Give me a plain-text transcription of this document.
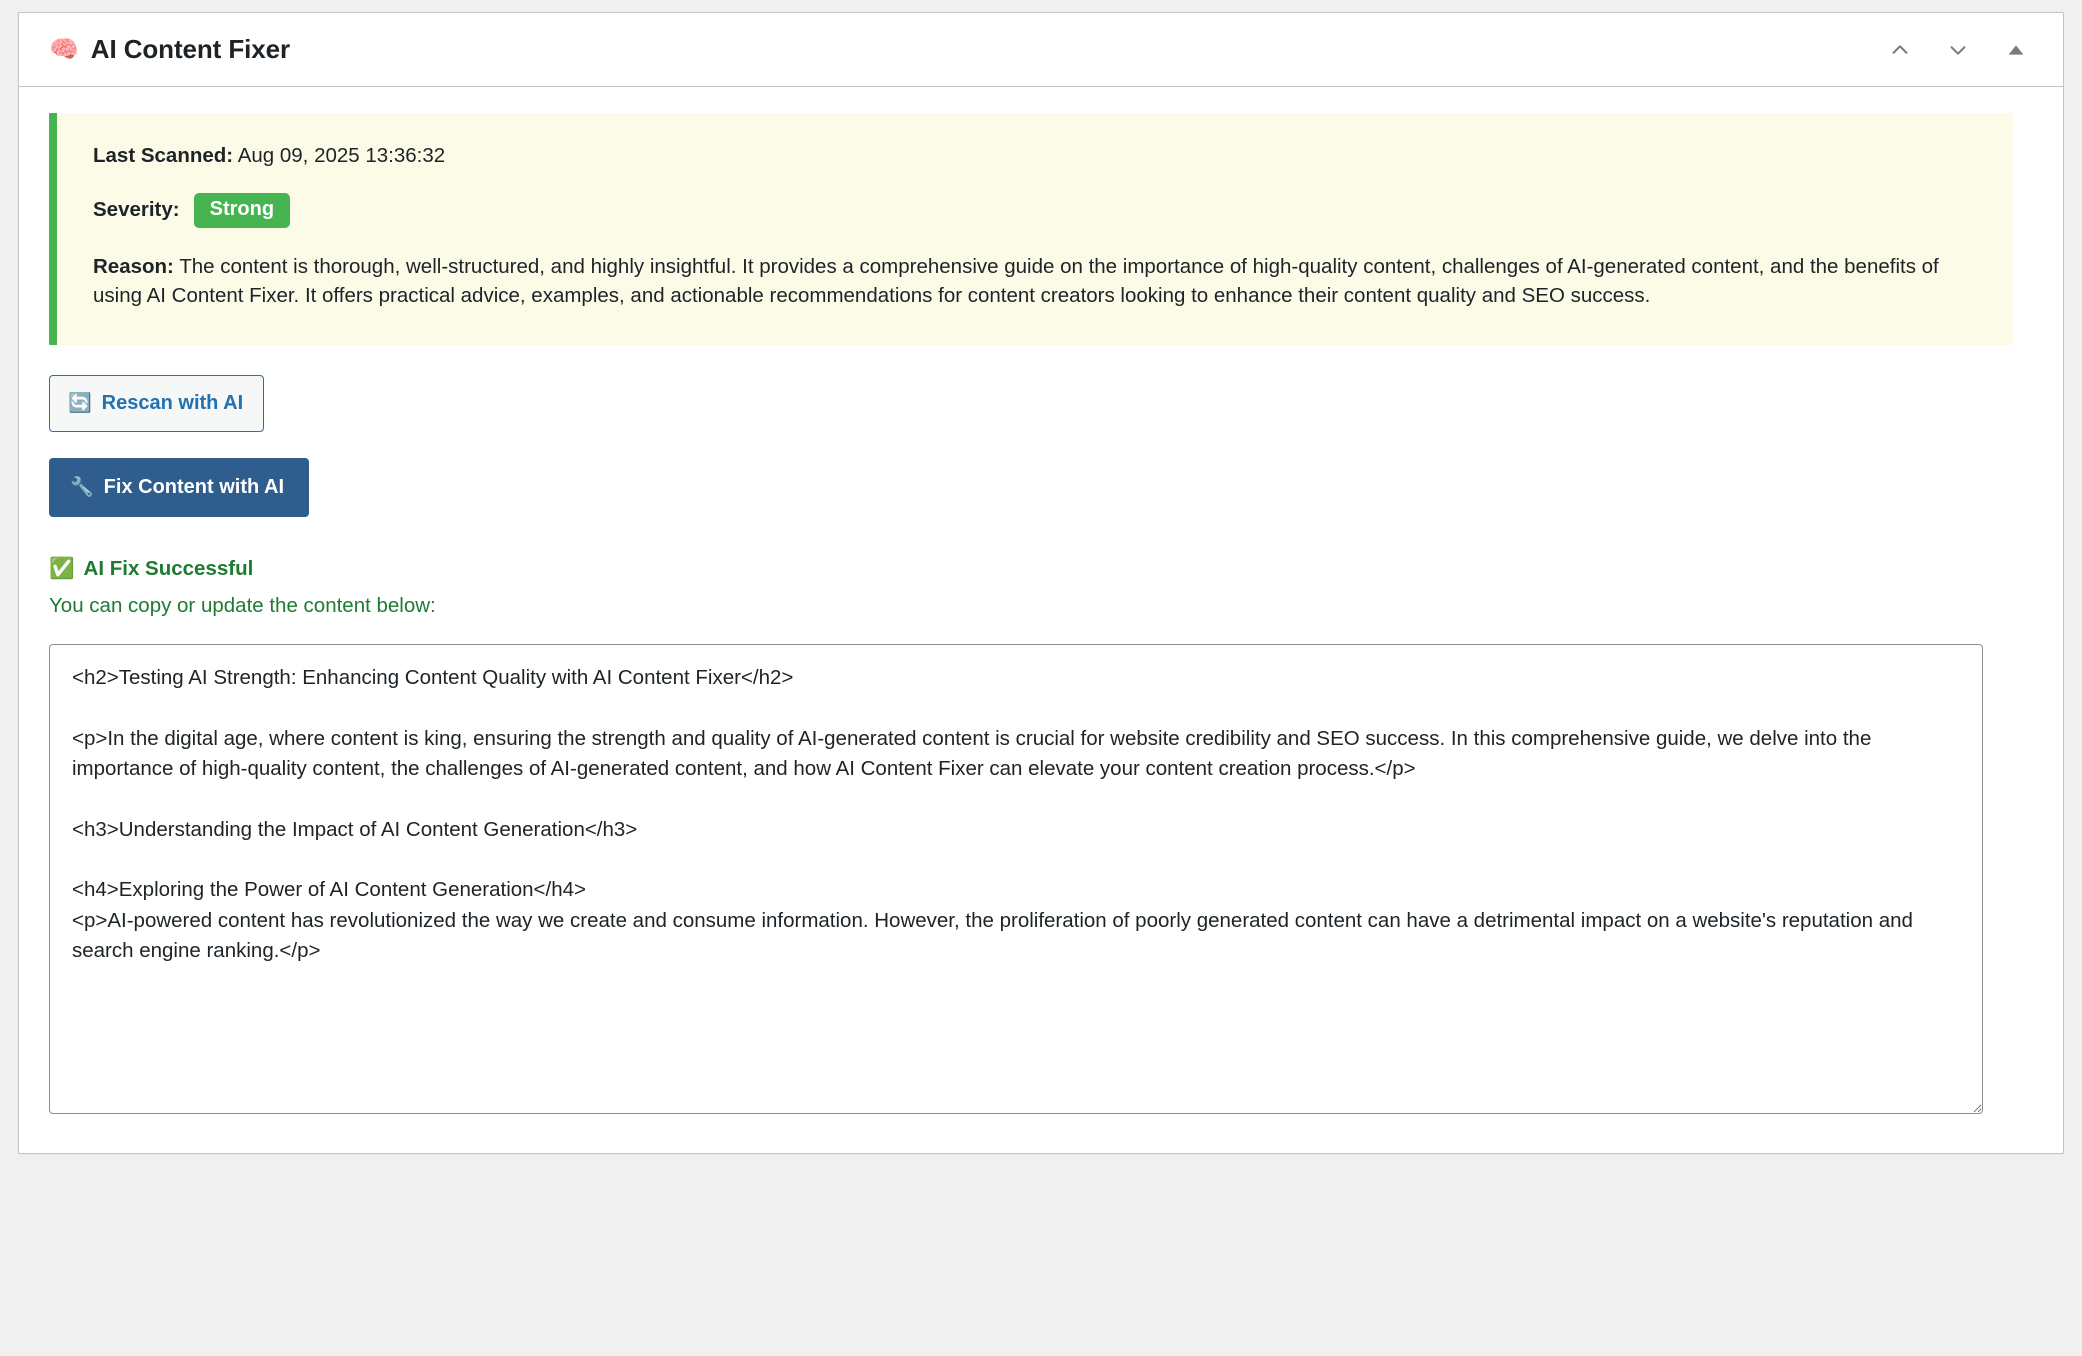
🧠 AI Content Fixer

Last Scanned: Aug 09, 2025 13:36:32

Severity:	Strong

Reason: The content is thorough, well-structured, and highly insightful. It provides a comprehensive guide on the importance of high-quality content, challenges of AI-generated content, and the benefits of using AI Content Fixer. It offers practical advice, examples, and actionable recommendations for content creators looking to enhance their content quality and SEO success.

🔄 Rescan with AI

🔧 Fix Content with AI
✅ AI Fix Successful
You can copy or update the content below:
<h2>Testing AI Strength: Enhancing Content Quality with AI Content Fixer</h2> <p>In the digital age, where content is king, ensuring the strength and quality of AI-generated content is crucial for website credibility and SEO success. In this comprehensive guide, we delve into the importance of high-quality content, the challenges of AI-generated content, and how AI Content Fixer can elevate your content creation process.</p> <h3>Understanding the Impact of AI Content Generation</h3> <h4>Exploring the Power of AI Content Generation</h4> <p>AI-powered content has revolutionized the way we create and consume information. However, the proliferation of poorly generated content can have a detrimental impact on a website's reputation and search engine ranking.</p>
